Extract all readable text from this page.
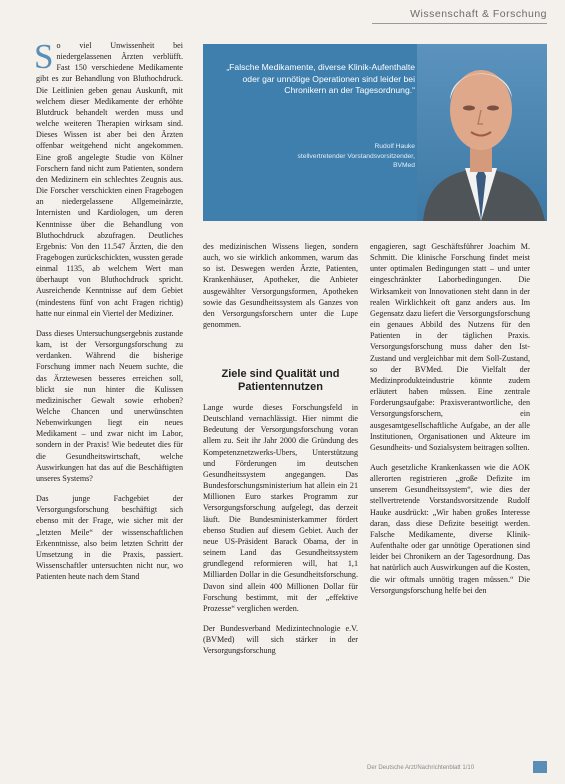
Wissenschaft & Forschung

So viel Unwissenheit bei niedergelassenen Ärzten verblüfft. Fast 150 verschiedene Medikamente gibt es zur Behandlung von Bluthochdruck. Die Leitlinien geben genau Auskunft, mit welchem dieser Medikamente der erhöhte Blutdruck behandelt werden muss und welche weiteren Therapien wirksam sind. Dieses Wissen ist aber bei den Ärzten offenbar weitgehend nicht angekommen. Eine groß angelegte Studie von Kölner Forschern fand nicht zum Patienten, sondern den Medizinern ein schlechtes Zeugnis aus. Die Forscher verschickten einen Fragebogen an niedergelassene Allgemeinärzte, Internisten und Kardiologen, um deren Kenntnisse über die Behandlung von Bluthochdruck abzufragen. Deutliches Ergebnis: Von den 11.547 Ärzten, die den Fragebogen zurückschickten, wussten gerade einmal 1135, ab welchem Wert man überhaupt von Bluthochdruck spricht. Ausreichende Kenntnisse auf dem Gebiet (mindestens fünf von acht Fragen richtig) hatte nur einmal ein Viertel der Mediziner.

Dass dieses Untersuchungsergebnis zustande kam, ist der Versorgungsforschung zu verdanken. Während die bisherige Forschung immer nach Neuem suchte, die das Ärztewesen besseres erreichen soll, blickt sie nun hinter die Kulissen medizinischer Gewalt sowie erhoben? Welche Chancen und unerwünschten Nebenwirkungen liegt ein neues Medikament – und zwar nicht im Labor, sondern in der Praxis! Wie bedeutet dies für die Gesundheitswirtschaft, welche Auswirkungen hat das auf die Beschäftigten unseres Systems?

Das junge Fachgebiet der Versorgungsforschung beschäftigt sich ebenso mit der Frage, wie sicher mit der „letzten Meile“ der wissenschaftlichen Erkenntnisse, also beim letzten Schritt der Umsetzung in die Praxis, passiert. Wissenschaftler untersuchten nicht nur, wo Patienten heute nach dem Stand

„Falsche Medikamente, diverse Klinik-Aufenthalte oder gar unnötige Operationen sind leider bei Chronikern an der Tagesordnung.“
Rudolf Hauke
stellvertretender Vorstandsvorsitzender,
BVMed

des medizinischen Wissens liegen, sondern auch, wo sie wirklich ankommen, warum das so ist. Deswegen werden Ärzte, Patienten, Krankenhäuser, Apotheker, die Anbieter ausgewählter Versorgungsformen, Apotheken sowie das Gesundheitssystem als Ganzes von den Versorgungsforschern unter die Lupe genommen.

Ziele sind Qualität und Patientennutzen

Lange wurde dieses Forschungsfeld in Deutschland vernachlässigt. Hier nimmt die Bedeutung der Versorgungsforschung voran allem zu. Seit ihr Jahr 2000 die Gründung des Kompetenznetzwerks-Ubers, Unterstützung und Förderungen im deutschen Gesundheitssystem angegangen. Das Bundesforschungsministerium hat allein ein 21 Millionen Euro starkes Programm zur Versorgungsforschung aufgelegt, das derzeit läuft. Die Bundesministerkammer fördert ebenso Studien auf diesem Gebiet. Auch der neue US-Präsident Barack Obama, der in seinem Land das Gesundheitssystem grundlegend reformieren will, hat 1,1 Milliarden Dollar in die Gesundheitsforschung. Davon sind allein 400 Millionen Dollar für Forschung bestimmt, mit der „effektive Prozesse“ verglichen werden.

Der Bundesverband Medizintechnologie e.V. (BVMed) will sich stärker in der Versorgungsforschung

engagieren, sagt Geschäftsführer Joachim M. Schmitt. Die klinische Forschung findet meist unter optimalen Bedingungen statt – und unter eingeschränkter Laborbedingungen. Die Wirksamkeit von Innovationen steht dann in der realen Wirklichkeit oft ganz anders aus. Im Gegensatz dazu liefert die Versorgungsforschung ein genaues Abbild des Nutzens für den Patienten in der täglichen Praxis. Versorgungsforschung muss daher den Ist-Zustand und vergleichbar mit dem Soll-Zustand, so der BVMed. Die Vielfalt der Medizinprodukteindustrie könnte zudem erläutert haben müssen. Eine zentrale Forderungsaufgabe: Praxisverantwortliche, den Versorgungsforschern, ein ausgesamtgesellschaftliche Aufgabe, an der alle Institutionen, Organisationen und Akteure im Gesundheits- und Sozialsystem beitragen sollten.

Auch gesetzliche Krankenkassen wie die AOK allerorten registrieren „große Defizite im unserem Gesundheitssystem“, wie dies der stellvertretende Vorstandsvorsitzende Rudolf Hauke ausdrückt: „Wir haben großes Interesse daran, dass diese Defizite beseitigt werden. Falsche Medikamente, diverse Klinik-Aufenthalte oder gar unnötige Operationen sind leider bei Chronikern an der Tagesordnung. Das hat natürlich auch Auswirkungen auf die Kosten, die wir oftmals unnötig tragen müssen.“ Die Versorgungsforschung helfe bei den

Der Deutsche Arzt/Nachrichtenblatt 1/10
